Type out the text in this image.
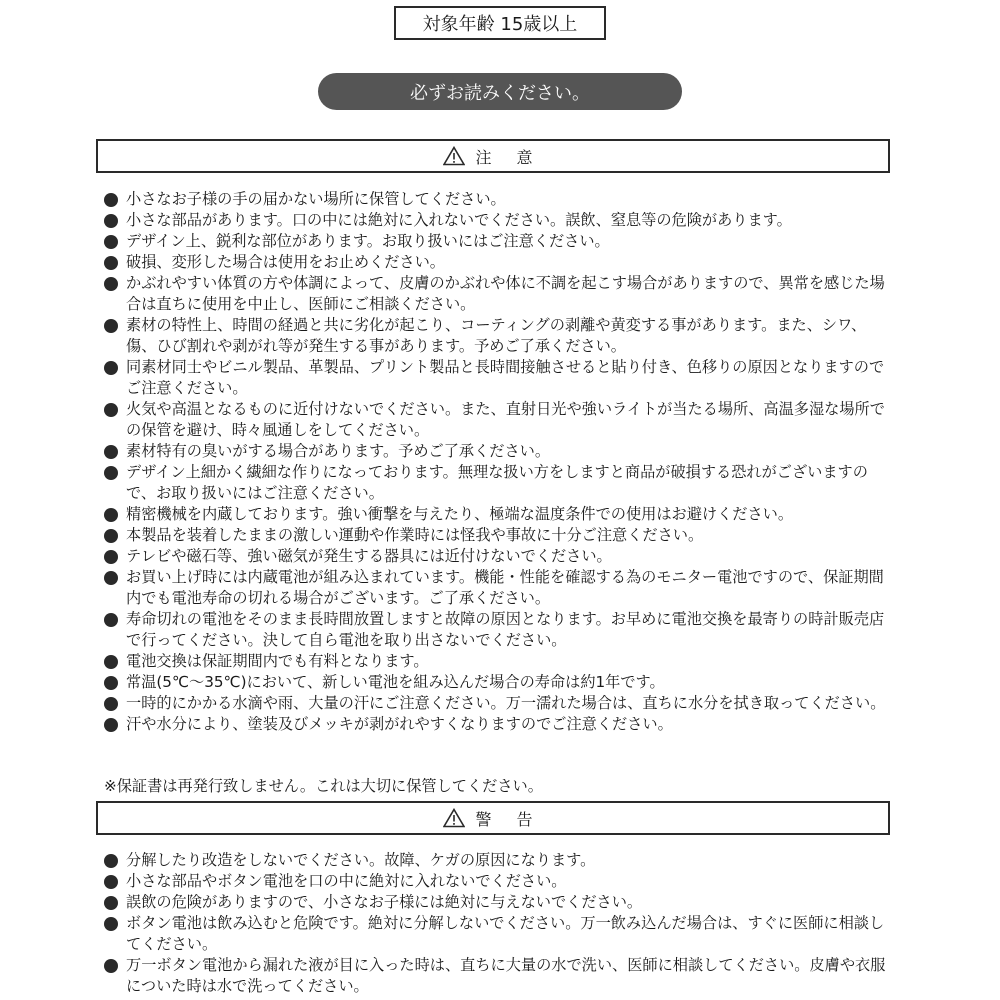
対象年齢 15歳以上
必ずお読みください。
注 意
小さなお子様の手の届かない場所に保管してください。
小さな部品があります。口の中には絶対に入れないでください。誤飲、窒息等の危険があります。
デザイン上、鋭利な部位があります。お取り扱いにはご注意ください。
破損、変形した場合は使用をお止めください。
かぶれやすい体質の方や体調によって、皮膚のかぶれや体に不調を起こす場合がありますので、異常を感じた場合は直ちに使用を中止し、医師にご相談ください。
素材の特性上、時間の経過と共に劣化が起こり、コーティングの剥離や黄変する事があります。また、シワ、傷、ひび割れや剥がれ等が発生する事があります。予めご了承ください。
同素材同士やビニル製品、革製品、プリント製品と長時間接触させると貼り付き、色移りの原因となりますのでご注意ください。
火気や高温となるものに近付けないでください。また、直射日光や強いライトが当たる場所、高温多湿な場所での保管を避け、時々風通しをしてください。
素材特有の臭いがする場合があります。予めご了承ください。
デザイン上細かく繊細な作りになっております。無理な扱い方をしますと商品が破損する恐れがございますので、お取り扱いにはご注意ください。
精密機械を内蔵しております。強い衝撃を与えたり、極端な温度条件での使用はお避けください。
本製品を装着したままの激しい運動や作業時には怪我や事故に十分ご注意ください。
テレビや磁石等、強い磁気が発生する器具には近付けないでください。
お買い上げ時には内蔵電池が組み込まれています。機能・性能を確認する為のモニター電池ですので、保証期間内でも電池寿命の切れる場合がございます。ご了承ください。
寿命切れの電池をそのまま長時間放置しますと故障の原因となります。お早めに電池交換を最寄りの時計販売店で行ってください。決して自ら電池を取り出さないでください。
電池交換は保証期間内でも有料となります。
常温(5℃～35℃)において、新しい電池を組み込んだ場合の寿命は約1年です。
一時的にかかる水滴や雨、大量の汗にご注意ください。万一濡れた場合は、直ちに水分を拭き取ってください。
汗や水分により、塗装及びメッキが剥がれやすくなりますのでご注意ください。
※保証書は再発行致しません。これは大切に保管してください。
警 告
分解したり改造をしないでください。故障、ケガの原因になります。
小さな部品やボタン電池を口の中に絶対に入れないでください。
誤飲の危険がありますので、小さなお子様には絶対に与えないでください。
ボタン電池は飲み込むと危険です。絶対に分解しないでください。万一飲み込んだ場合は、すぐに医師に相談してください。
万一ボタン電池から漏れた液が目に入った時は、直ちに大量の水で洗い、医師に相談してください。皮膚や衣服についた時は水で洗ってください。
